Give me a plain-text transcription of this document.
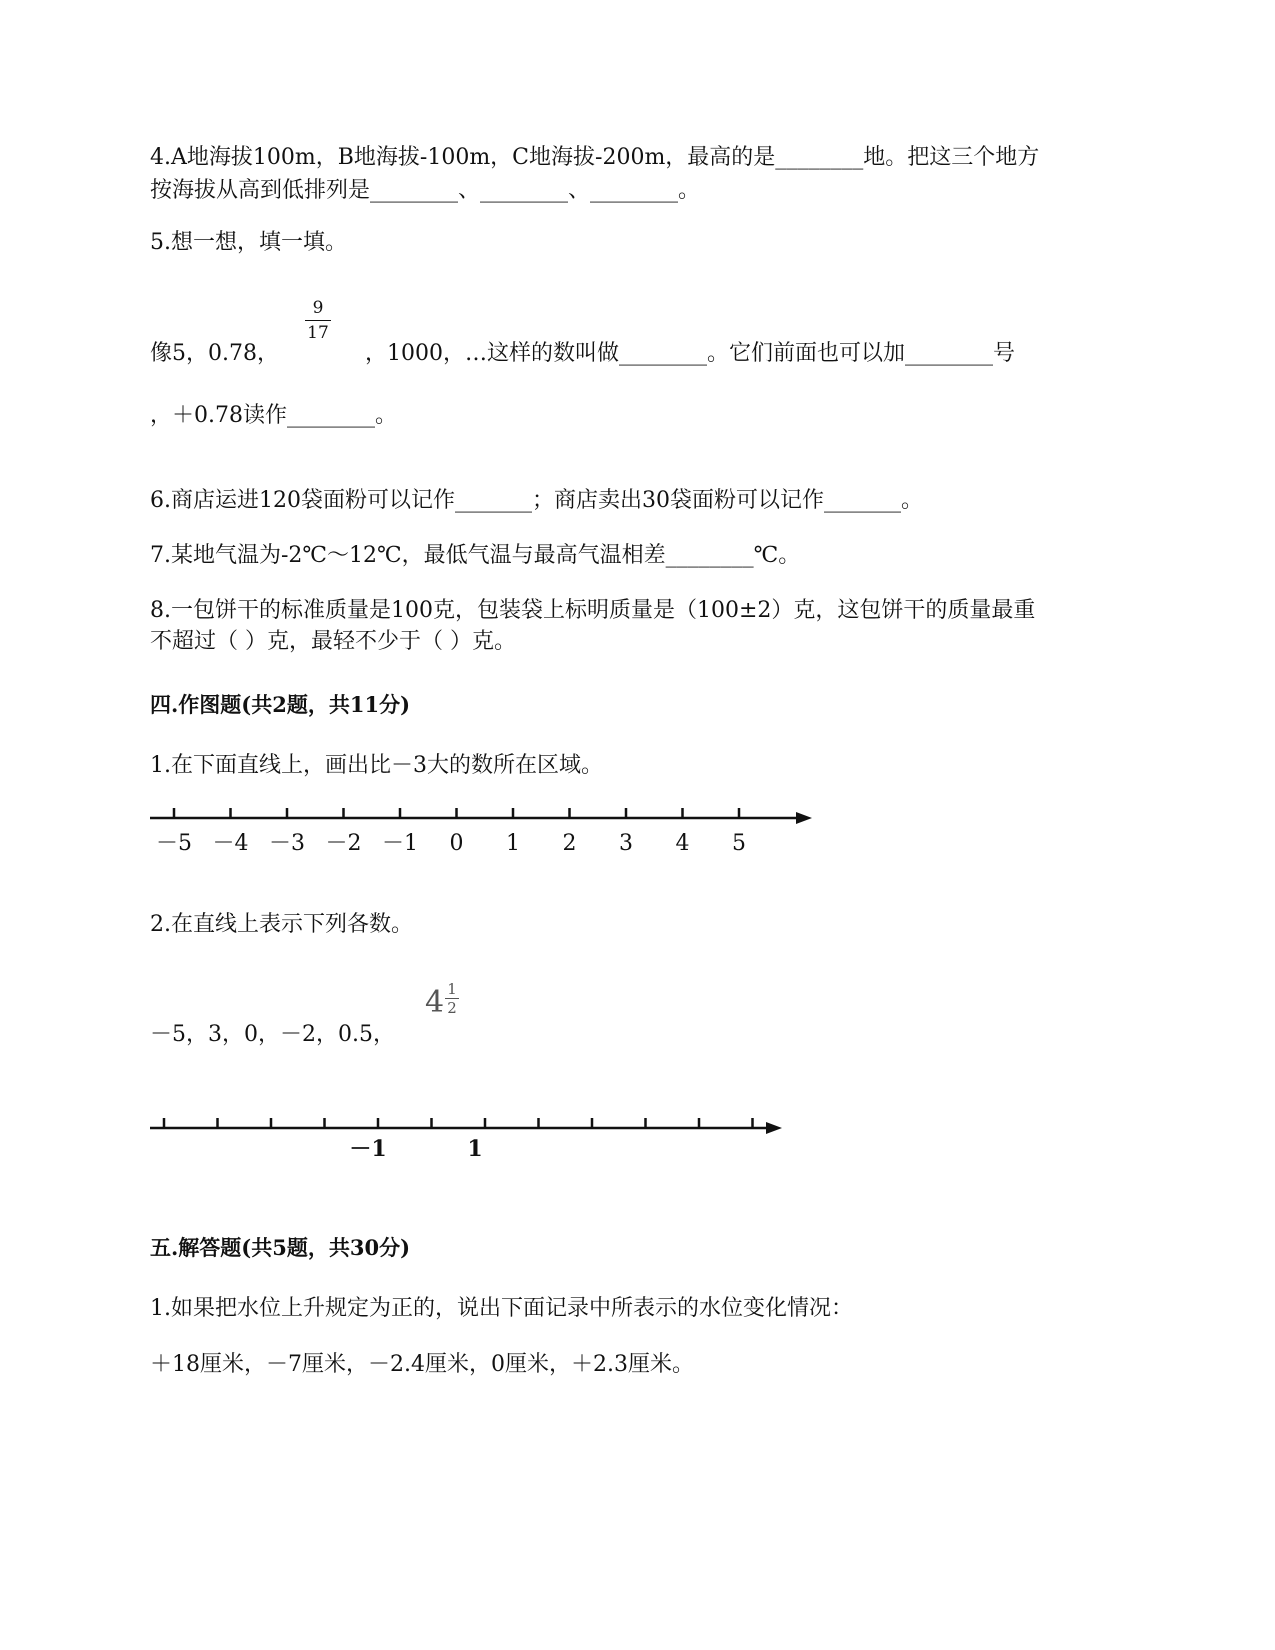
4.A地海拔100m，B地海拔-100m，C地海拔-200m，最高的是________地。把这三个地方
按海拔从高到低排列是________、________、________。
5.想一想，填一填。
9
17
像5，0.78，	，1000，…这样的数叫做________。它们前面也可以加________号
，＋0.78读作________。
6.商店运进120袋面粉可以记作_______；商店卖出30袋面粉可以记作_______。
7.某地气温为-2℃～12℃，最低气温与最高气温相差________℃。
8.一包饼干的标准质量是100克，包装袋上标明质量是（100±2）克，这包饼干的质量最重
不超过（ ）克，最轻不少于（ ）克。
四.作图题(共2题，共11分)
1.在下面直线上，画出比－3大的数所在区域。
－5 －4 －3 －2 －1 0 1 2 3 4 5
2.在直线上表示下列各数。
－5，3，0，－2，0.5，
4 1
2
－1	1
五.解答题(共5题，共30分)
1.如果把水位上升规定为正的，说出下面记录中所表示的水位变化情况：
＋18厘米，－7厘米，－2.4厘米，0厘米，＋2.3厘米。
